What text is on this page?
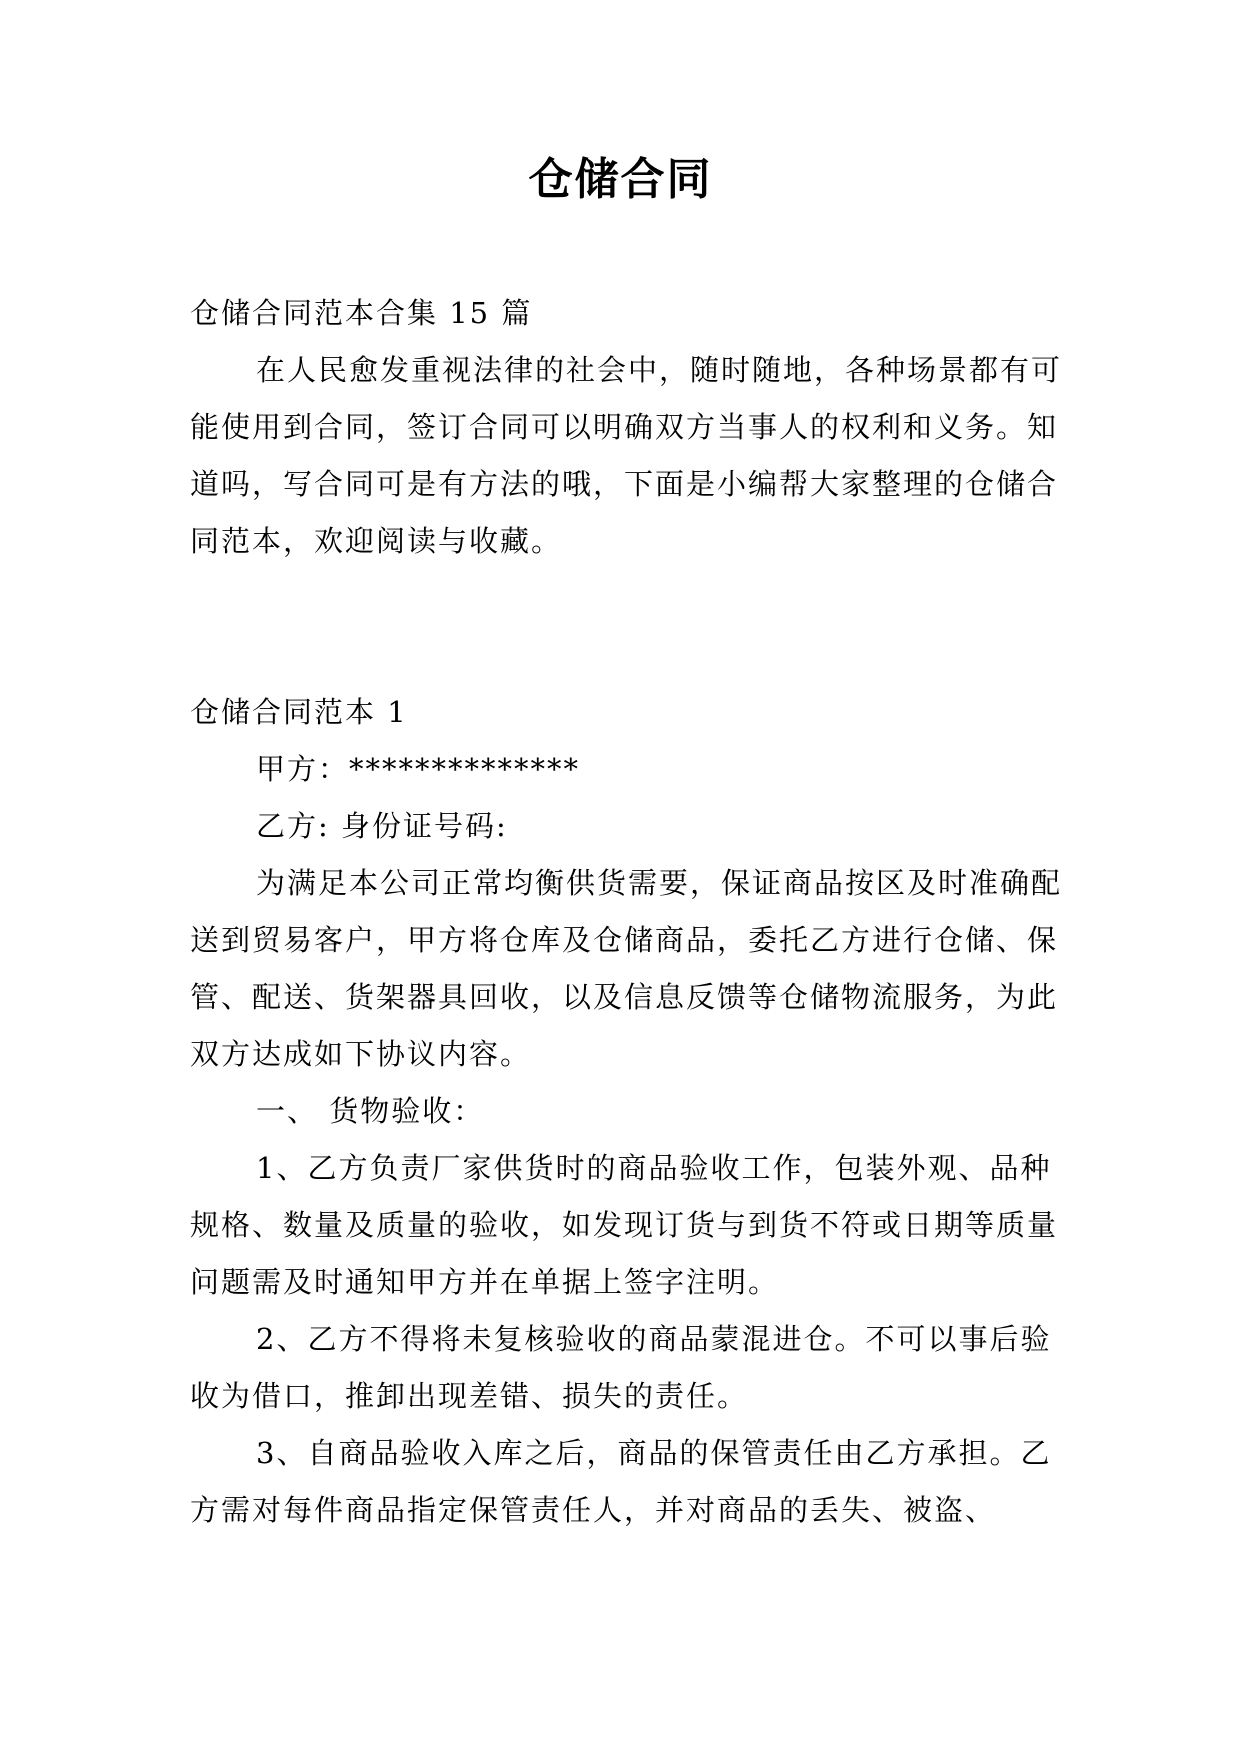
仓储合同

仓储合同范本合集 15 篇

在人民愈发重视法律的社会中，随时随地，各种场景都有可能使用到合同，签订合同可以明确双方当事人的权利和义务。知道吗，写合同可是有方法的哦，下面是小编帮大家整理的仓储合同范本，欢迎阅读与收藏。

仓储合同范本 1

甲方：**************

乙方: 身份证号码:

为满足本公司正常均衡供货需要，保证商品按区及时准确配送到贸易客户，甲方将仓库及仓储商品，委托乙方进行仓储、保管、配送、货架器具回收，以及信息反馈等仓储物流服务，为此双方达成如下协议内容。

一、 货物验收：

1、乙方负责厂家供货时的商品验收工作，包装外观、品种规格、数量及质量的验收，如发现订货与到货不符或日期等质量问题需及时通知甲方并在单据上签字注明。

2、乙方不得将未复核验收的商品蒙混进仓。不可以事后验收为借口，推卸出现差错、损失的责任。

3、自商品验收入库之后，商品的保管责任由乙方承担。乙方需对每件商品指定保管责任人，并对商品的丢失、被盗、
